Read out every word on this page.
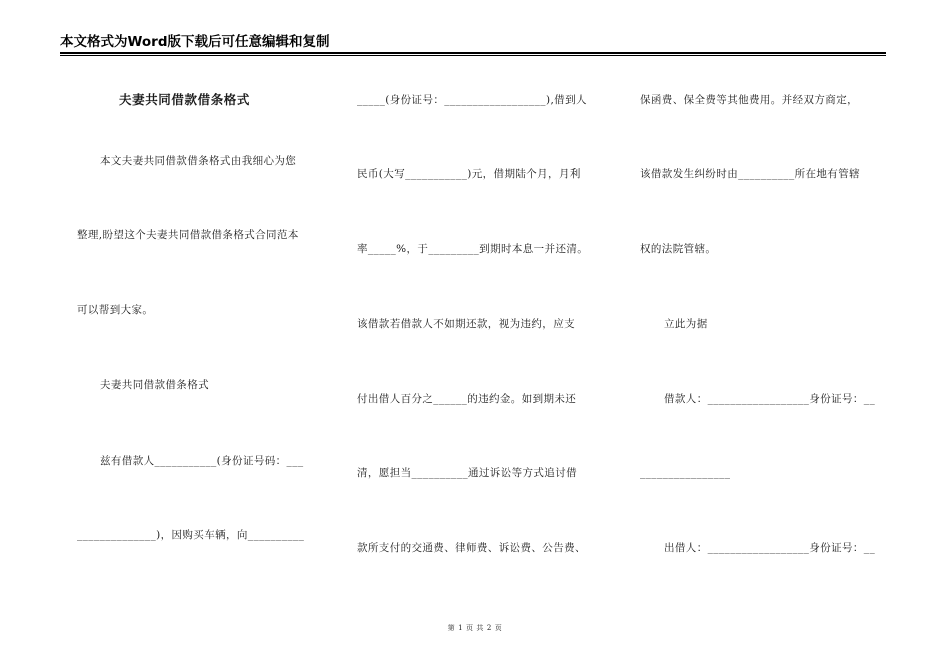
本文格式为Word版下载后可任意编辑和复制
夫妻共同借款借条格式
本文夫妻共同借款借条格式由我细心为您
整理,盼望这个夫妻共同借款借条格式合同范本
可以帮到大家。
夫妻共同借款借条格式
兹有借款人___________(身份证号码：___
______________)，因购买车辆，向__________
_____(身份证号：__________________),借到人
民币(大写___________)元，借期陆个月，月利
率_____%，于_________到期时本息一并还清。
该借款若借款人不如期还款，视为违约，应支
付出借人百分之______的违约金。如到期未还
清，愿担当__________通过诉讼等方式追讨借
款所支付的交通费、律师费、诉讼费、公告费、
保函费、保全费等其他费用。并经双方商定，
该借款发生纠纷时由__________所在地有管辖
权的法院管辖。
立此为据
借款人：__________________身份证号：__
________________
出借人：__________________身份证号：__
第 1 页 共 2 页
